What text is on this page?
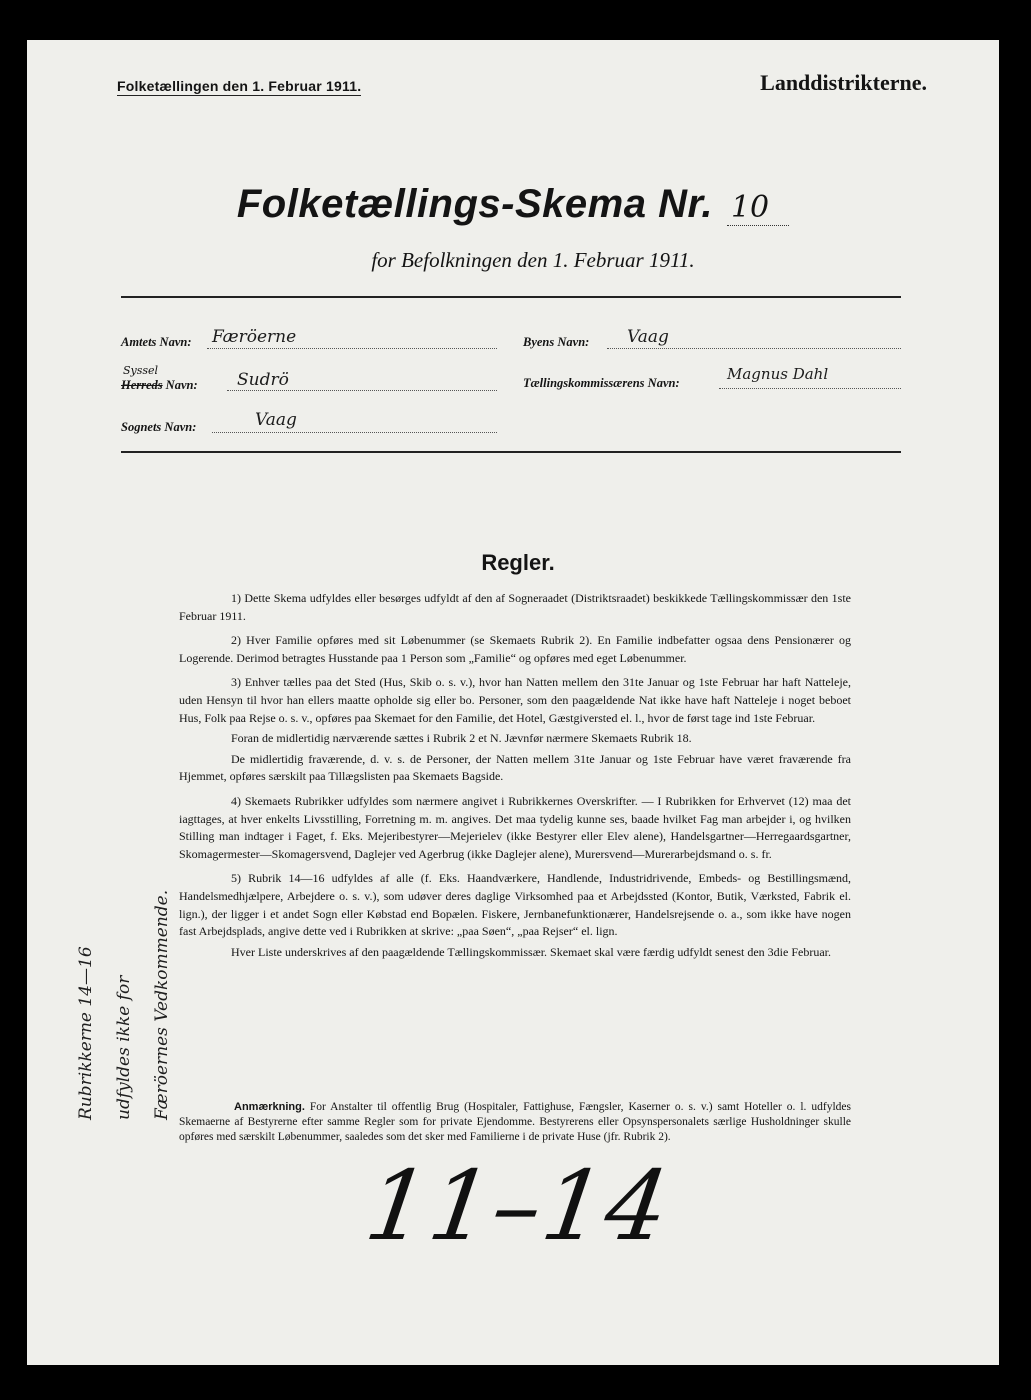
Folketællingen den 1. Februar 1911.	Landdistrikterne.
Folketællings-Skema Nr. 10
for Befolkningen den 1. Februar 1911.
Amtets Navn: Færöerne
Syssel
Herreds Navn: Sudrö
Sognets Navn:	Vaag
Byens Navn: Vaag
Tællingskommissærens Navn:	Magnus Dahl
Regler.

1) Dette Skema udfyldes eller besørges udfyldt af den af Sogneraadet (Distriktsraadet) beskikkede Tællingskommissær den 1ste Februar 1911.

2) Hver Familie opføres med sit Løbenummer (se Skemaets Rubrik 2). En Familie indbefatter ogsaa dens Pensionærer og Logerende. Derimod betragtes Husstande paa 1 Person som „Familie“ og opføres med eget Løbenummer.

3) Enhver tælles paa det Sted (Hus, Skib o. s. v.), hvor han Natten mellem den 31te Januar og 1ste Februar har haft Natteleje, uden Hensyn til hvor han ellers maatte opholde sig eller bo. Personer, som den paagældende Nat ikke have haft Natteleje i noget beboet Hus, Folk paa Rejse o. s. v., opføres paa Skemaet for den Familie, det Hotel, Gæstgiversted el. l., hvor de først tage ind 1ste Februar.

Foran de midlertidig nærværende sættes i Rubrik 2 et N. Jævnfør nærmere Skemaets Rubrik 18.

De midlertidig fraværende, d. v. s. de Personer, der Natten mellem 31te Januar og 1ste Februar have været fraværende fra Hjemmet, opføres særskilt paa Tillægslisten paa Skemaets Bagside.

4) Skemaets Rubrikker udfyldes som nærmere angivet i Rubrikkernes Overskrifter. — I Rubrikken for Erhvervet (12) maa det iagttages, at hver enkelts Livsstilling, Forretning m. m. angives. Det maa tydelig kunne ses, baade hvilket Fag man arbejder i, og hvilken Stilling man indtager i Faget, f. Eks. Mejeribestyrer—Mejerielev (ikke Bestyrer eller Elev alene), Handelsgartner—Herregaardsgartner, Skomagermester—Skomagersvend, Daglejer ved Agerbrug (ikke Daglejer alene), Murersvend—Murerarbejdsmand o. s. fr.

5) Rubrik 14—16 udfyldes af alle (f. Eks. Haandværkere, Handlende, Industridrivende, Embeds- og Bestillingsmænd, Handelsmedhjælpere, Arbejdere o. s. v.), som udøver deres daglige Virksomhed paa et Arbejdssted (Kontor, Butik, Værksted, Fabrik el. lign.), der ligger i et andet Sogn eller Købstad end Bopælen. Fiskere, Jernbanefunktionærer, Handelsrejsende o. a., som ikke have nogen fast Arbejdsplads, angive dette ved i Rubrikken at skrive: „paa Søen“, „paa Rejser“ el. lign.

Hver Liste underskrives af den paagældende Tællingskommissær. Skemaet skal være færdig udfyldt senest den 3die Februar.

Anmærkning. For Anstalter til offentlig Brug (Hospitaler, Fattighuse, Fængsler, Kaserner o. s. v.) samt Hoteller o. l. udfyldes Skemaerne af Bestyrerne efter samme Regler som for private Ejendomme. Bestyrerens eller Opsynspersonalets særlige Husholdninger skulle opføres med særskilt Løbenummer, saaledes som det sker med Familierne i de private Huse (jfr. Rubrik 2).
Rubrikkerne 14—16	udfyldes ikke for	Færöernes Vedkommende.
11–14
